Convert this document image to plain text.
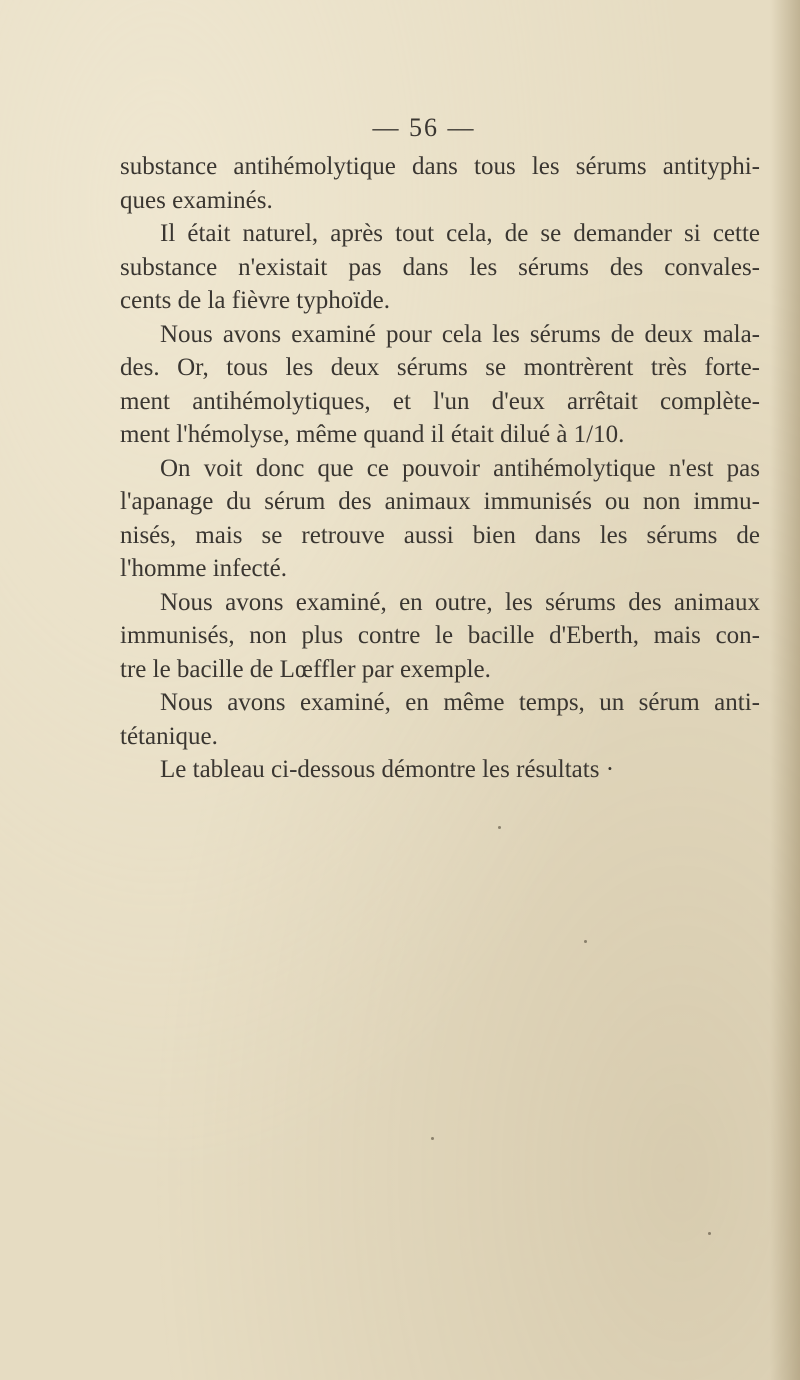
— 56 —

substance antihémolytique dans tous les sérums antityphi-
ques examinés.

Il était naturel, après tout cela, de se demander si cette
substance n'existait pas dans les sérums des convales-
cents de la fièvre typhoïde.

Nous avons examiné pour cela les sérums de deux mala-
des. Or, tous les deux sérums se montrèrent très forte-
ment antihémolytiques, et l'un d'eux arrêtait complète-
ment l'hémolyse, même quand il était dilué à 1/10.

On voit donc que ce pouvoir antihémolytique n'est pas
l'apanage du sérum des animaux immunisés ou non immu-
nisés, mais se retrouve aussi bien dans les sérums de
l'homme infecté.

Nous avons examiné, en outre, les sérums des animaux
immunisés, non plus contre le bacille d'Eberth, mais con-
tre le bacille de Lœffler par exemple.

Nous avons examiné, en même temps, un sérum anti-
tétanique.

Le tableau ci-dessous démontre les résultats ·
